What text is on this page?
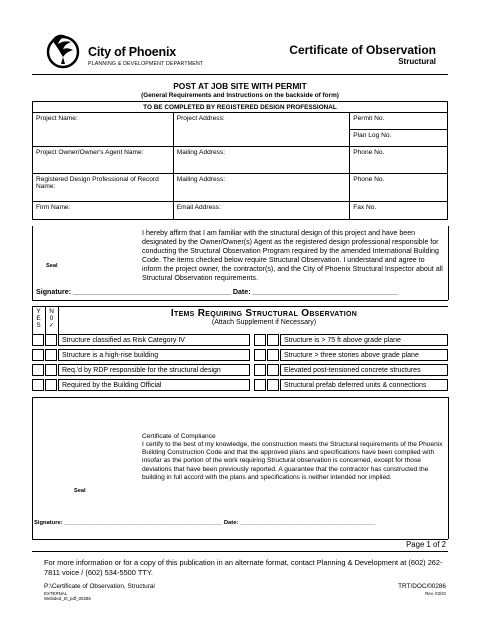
City of Phoenix
PLANNING & DEVELOPMENT DEPARTMENT
Certificate of Observation
Structural
POST AT JOB SITE WITH PERMIT
(General Requirements and Instructions on the backside of form)
TO BE COMPLETED BY REGISTERED DESIGN PROFESSIONAL		
Project Name:	Project Address:	Permit No.
		Plan Log No.
Project Owner/Owner's Agent Name:	Mailing Address:	Phone No.
Registered Design Professional of Record Name:	Mailing Address:	Phone No.
Firm Name:	Email Address:	Fax No.
I hereby affirm that I am familiar with the structural design of this project and have been designated by the Owner/Owner(s) Agent as the registered design professional responsible for conducting the Structural Observation Program required by the amended International Building Code. The items checked below require Structural Observation. I understand and agree to inform the project owner, the contractor(s), and the City of Phoenix Structural Inspector about all Structural Observation requirements.
Seal
Signature: ________________________________________ Date: _____________________________________
Y
E
S
N
0
✓
Items Requiring Structural Observation
(Attach Supplement if Necessary)
Structure classified as Risk Category IV
Structure is a high-rise building
Req.'d by RDP responsible for the structural design
Required by the Building Official
Structure is > 75 ft above grade plane
Structure > three stories above grade plane
Elevated post-tensioned concrete structures
Structural prefab deferred units & connections
Certificate of Compliance
I certify to the best of my knowledge, the construction meets the Structural requirements of the Phoenix Building Construction Code and that the approved plans and specifications have been complied with insofar as the portion of the work requiring Structural observation is concerned, except for those deviations that have been previously reported. A guarantee that the contractor has constructed the building in full accord with the plans and specifications is neither intended nor implied.
Seal
Signature: _________________________________________________ Date: __________________________________________
Page 1 of 2
For more information or for a copy of this publication in an alternate format, contact Planning & Development at (602) 262-7811 voice / (602) 534-5500 TTY.
P:\Certificate of Observation, Structural
EXTERNAL
Webided_trt_pdf_00286
TRT/DOC/00286
Rev. 03/22
